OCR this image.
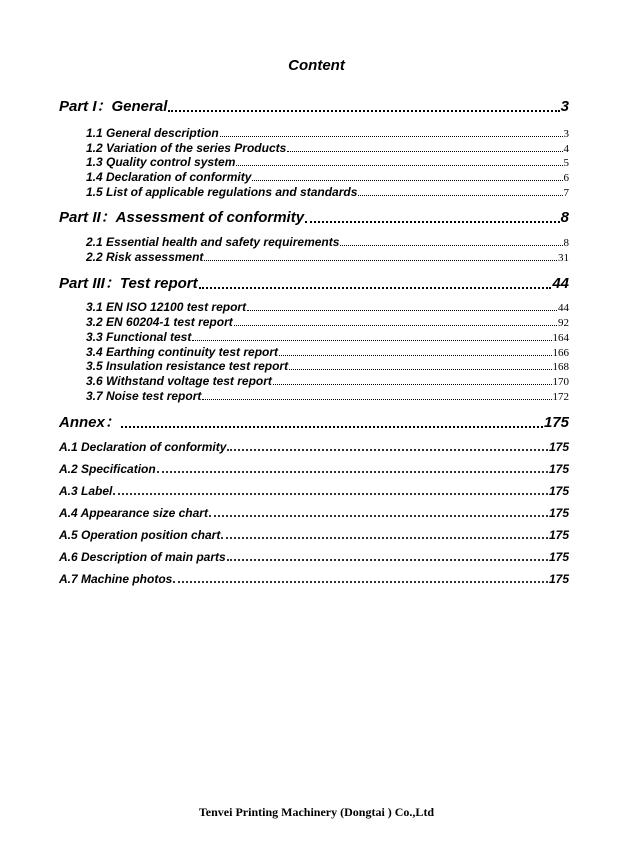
Content
Part I：General	3
1.1 General description	3
1.2 Variation of the series Products	4
1.3 Quality control system	5
1.4 Declaration of conformity	6
1.5 List of applicable regulations and standards	7
Part II：Assessment of conformity	8
2.1 Essential health and safety requirements	8
2.2 Risk assessment	31
Part III：Test report	44
3.1 EN ISO 12100 test report	44
3.2 EN 60204-1 test report	92
3.3 Functional test	164
3.4 Earthing continuity test report	166
3.5 Insulation resistance test report	168
3.6 Withstand voltage test report	170
3.7 Noise test report	172
Annex：	175
A.1 Declaration of conformity	175
A.2 Specification	175
A.3 Label	175
A.4 Appearance size chart	175
A.5 Operation position chart	175
A.6 Description of main parts	175
A.7 Machine photos	175
Tenvei Printing Machinery (Dongtai ) Co.,Ltd
